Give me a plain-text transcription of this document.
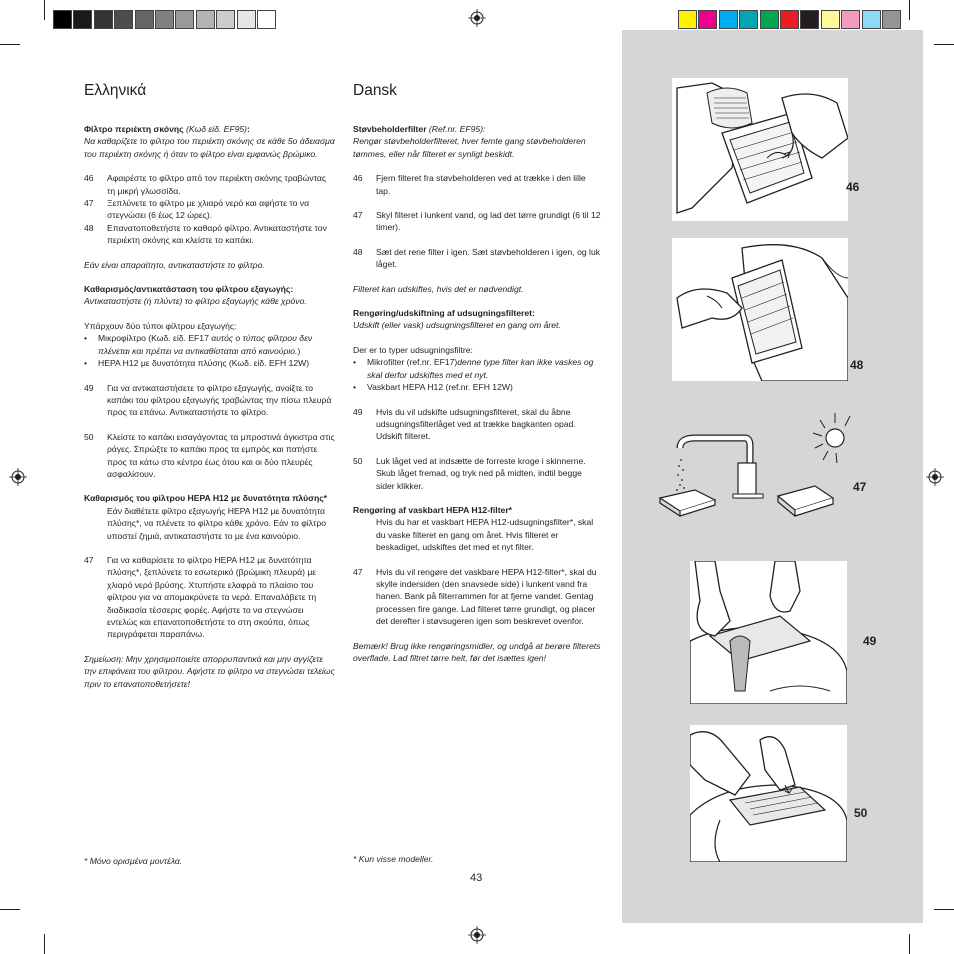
Ελληνικά

Φίλτρο περιέκτη σκόνης (Κωδ είδ. EF95):

Να καθαρίζετε το φίλτρο του περιέκτη σκόνης σε κάθε 5ο άδειασμα του περιέκτη σκόνης ή όταν το φίλτρο είναι εμφανώς βρώμικο.

46	Αφαιρέστε το φίλτρο από τον περιέκτη σκόνης τραβώντας τη μικρή γλωσσίδα.
47	Ξεπλύνετε το φίλτρο με χλιαρό νερό και αφήστε το να στεγνώσει (6 έως 12 ώρες).
48	Επανατοποθετήστε το καθαρό φίλτρο. Αντικαταστήστε τον περιέκτη σκόνης και κλείστε το καπάκι.

Εάν είναι απαραίτητο, αντικαταστήστε το φίλτρο.

Καθαρισμός/αντικατάσταση του φίλτρου εξαγωγής:

Αντικαταστήστε (ή πλύντε) το φίλτρο εξαγωγής κάθε χρόνο.

Υπάρχουν δύο τύποι φίλτρου εξαγωγής:

•	Μικροφίλτρο (Κωδ. είδ. EF17 αυτός ο τύπος φίλτρου δεν πλένεται και πρέπει να αντικαθίσταται από καινούριο.)
•	HEPA H12 με δυνατότητα πλύσης (Κωδ. είδ. EFH 12W)
49	Για να αντικαταστήσετε το φίλτρο εξαγωγής, ανοίξτε το καπάκι του φίλτρου εξαγωγής τραβώντας την πίσω πλευρά προς τα επάνω. Αντικαταστήστε το φίλτρο.
50	Κλείστε το καπάκι εισαγάγοντας τα μπροστινά άγκιστρα στις ράγες. Σπρώξτε το καπάκι προς τα εμπρός και πατήστε προς τα κάτω στο κέντρο έως ότου και οι δύο πλευρές ασφαλίσουν.

Καθαρισμός του φίλτρου HEPA H12 με δυνατότητα πλύσης*

Εάν διαθέτετε φίλτρο εξαγωγής HEPA H12 με δυνατότητα πλύσης*, να πλένετε το φίλτρο κάθε χρόνο. Εάν το φίλτρο υποστεί ζημιά, αντικαταστήστε το με ένα καινούριο.

47	Για να καθαρίσετε το φίλτρο HEPA H12 με δυνατότητα πλύσης*, ξεπλύνετε το εσωτερικό (βρώμικη πλευρά) με χλιαρό νερό βρύσης. Χτυπήστε ελαφρά το πλαίσιο του φίλτρου για να απομακρύνετε τα νερά. Επαναλάβετε τη διαδικασία τέσσερις φορές. Αφήστε το να στεγνώσει εντελώς και επανατοποθετήστε το στη σκούπα, όπως περιγράφεται παραπάνω.

Σημείωση: Μην χρησιμοποιείτε απορρυπαντικά και μην αγγίζετε την επιφάνεια του φίλτρου. Αφήστε το φίλτρο να στεγνώσει τελείως πριν το επανατοποθετήσετε!

* Μόνο ορισμένα μοντέλα.

Dansk

Støvbeholderfilter (Ref.nr. EF95):

Rengør støvbeholderfilteret, hver femte gang støvbeholderen tømmes, eller når filteret er synligt beskidt.

46	Fjern filteret fra støvbeholderen ved at trække i den lille tap.
47	Skyl filteret i lunkent vand, og lad det tørre grundigt (6 til 12 timer).
48	Sæt det rene filter i igen. Sæt støvbeholderen i igen, og luk låget.

Filteret kan udskiftes, hvis det er nødvendigt.

Rengøring/udskiftning af udsugningsfilteret:

Udskift (eller vask) udsugningsfilteret en gang om året.

Der er to typer udsugningsfiltre:

•	Mikrofilter (ref.nr. EF17)denne type filter kan ikke vaskes og skal derfor udskiftes med et nyt.
•	Vaskbart HEPA H12 (ref.nr. EFH 12W)
49	Hvis du vil udskifte udsugningsfilteret, skal du åbne udsugningsfilterlåget ved at trække bagkanten opad. Udskift filteret.
50	Luk låget ved at indsætte de forreste kroge i skinnerne. Skub låget fremad, og tryk ned på midten, indtil begge sider klikker.

Rengøring af vaskbart HEPA H12-filter*

Hvis du har et vaskbart HEPA H12-udsugningsfilter*, skal du vaske filteret en gang om året. Hvis filteret er beskadiget, udskiftes det med et nyt filter.

47	Hvis du vil rengøre det vaskbare HEPA H12-filter*, skal du skylle indersiden (den snavsede side) i lunkent vand fra hanen. Bank på filterrammen for at fjerne vandet. Gentag processen fire gange. Lad filteret tørre grundigt, og placer det derefter i støvsugeren igen som beskrevet ovenfor.

Bemærk! Brug ikke rengøringsmidler, og undgå at berøre filterets overflade. Lad filtret tørre helt, før det isættes igen!

* Kun visse modeller.

43
46
48
47
49
50
